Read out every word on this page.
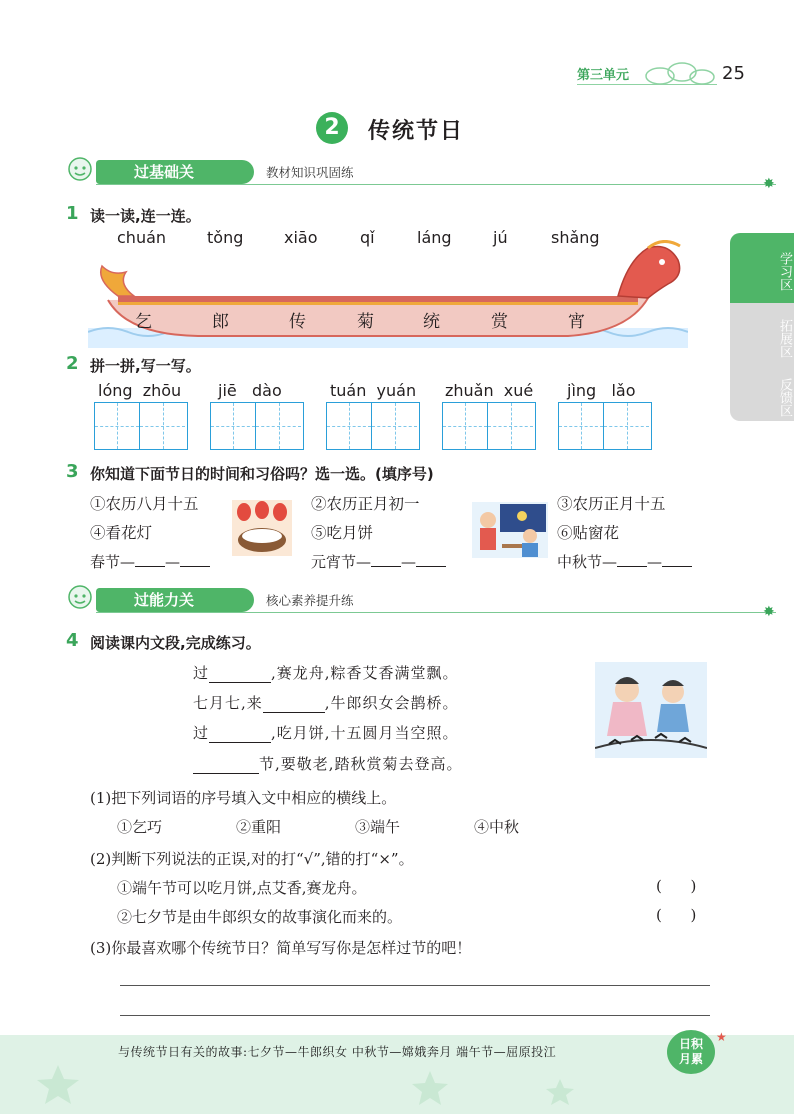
第三单元	25
2	传统节日
过基础关	教材知识巩固练
✸
1 读一读,连一连。
chuán	tǒng	xiāo	qǐ	láng	jú	shǎng
乞	郎	传	菊	统	赏	宵
2 拼一拼,写一写。
lóng  zhōu jiē   dào	tuán  yuán zhuǎn  xué jìng   lǎo
3 你知道下面节日的时间和习俗吗？选一选。(填序号)
①农历八月十五	②农历正月初一	③农历正月十五
④看花灯	⑤吃月饼	⑥贴窗花
春节— —	元宵节— —	中秋节— —
过能力关	核心素养提升练
✸
4 阅读课内文段,完成练习。
过	,赛龙舟,粽香艾香满堂飘。
七月七,来	,牛郎织女会鹊桥。
过	,吃月饼,十五圆月当空照。
节,要敬老,踏秋赏菊去登高。
(1)把下列词语的序号填入文中相应的横线上。
①乞巧	②重阳	③端午	④中秋
(2)判断下列说法的正误,对的打“√”,错的打“×”。
①端午节可以吃月饼,点艾香,赛龙舟。	(      )
②七夕节是由牛郎织女的故事演化而来的。	(      )
(3)你最喜欢哪个传统节日？简单写写你是怎样过节的吧！
学习区
拓展区
反馈区
与传统节日有关的故事:七夕节—牛郎织女 中秋节—嫦娥奔月 端午节—屈原投江
日积
月累
★
